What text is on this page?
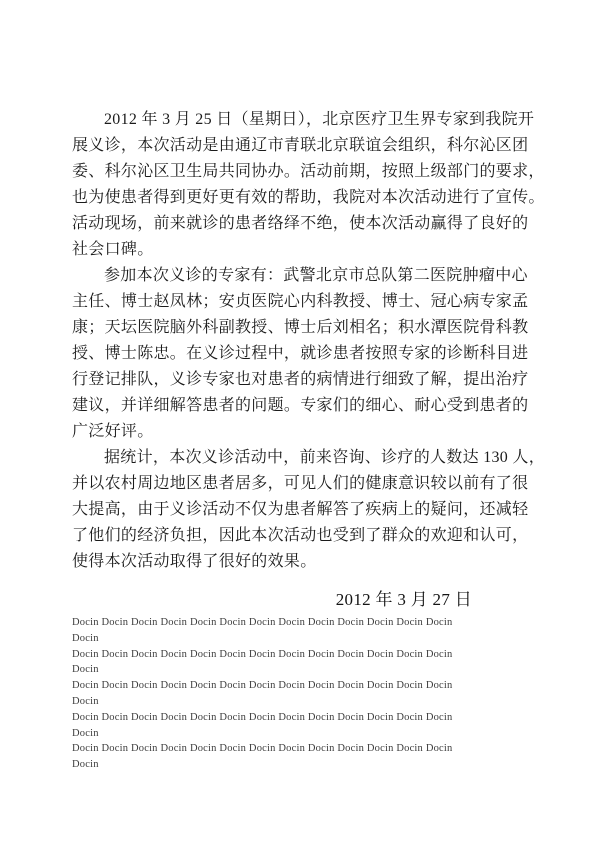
2012 年 3 月 25 日（星期日），北京医疗卫生界专家到我院开
展义诊，本次活动是由通辽市青联北京联谊会组织，科尔沁区团
委、科尔沁区卫生局共同协办。活动前期，按照上级部门的要求，
也为使患者得到更好更有效的帮助，我院对本次活动进行了宣传。
活动现场，前来就诊的患者络绎不绝，使本次活动赢得了良好的
社会口碑。
参加本次义诊的专家有：武警北京市总队第二医院肿瘤中心
主任、博士赵凤林；安贞医院心内科教授、博士、冠心病专家孟
康；天坛医院脑外科副教授、博士后刘相名；积水潭医院骨科教
授、博士陈忠。在义诊过程中，就诊患者按照专家的诊断科目进
行登记排队，义诊专家也对患者的病情进行细致了解，提出治疗
建议，并详细解答患者的问题。专家们的细心、耐心受到患者的
广泛好评。
据统计，本次义诊活动中，前来咨询、诊疗的人数达 130 人，
并以农村周边地区患者居多，可见人们的健康意识较以前有了很
大提高，由于义诊活动不仅为患者解答了疾病上的疑问，还减轻
了他们的经济负担，因此本次活动也受到了群众的欢迎和认可，
使得本次活动取得了很好的效果。
2012 年 3 月 27 日
Docin Docin Docin Docin Docin Docin Docin Docin Docin Docin Docin Docin Docin
Docin
Docin Docin Docin Docin Docin Docin Docin Docin Docin Docin Docin Docin Docin
Docin
Docin Docin Docin Docin Docin Docin Docin Docin Docin Docin Docin Docin Docin
Docin
Docin Docin Docin Docin Docin Docin Docin Docin Docin Docin Docin Docin Docin
Docin
Docin Docin Docin Docin Docin Docin Docin Docin Docin Docin Docin Docin Docin
Docin
